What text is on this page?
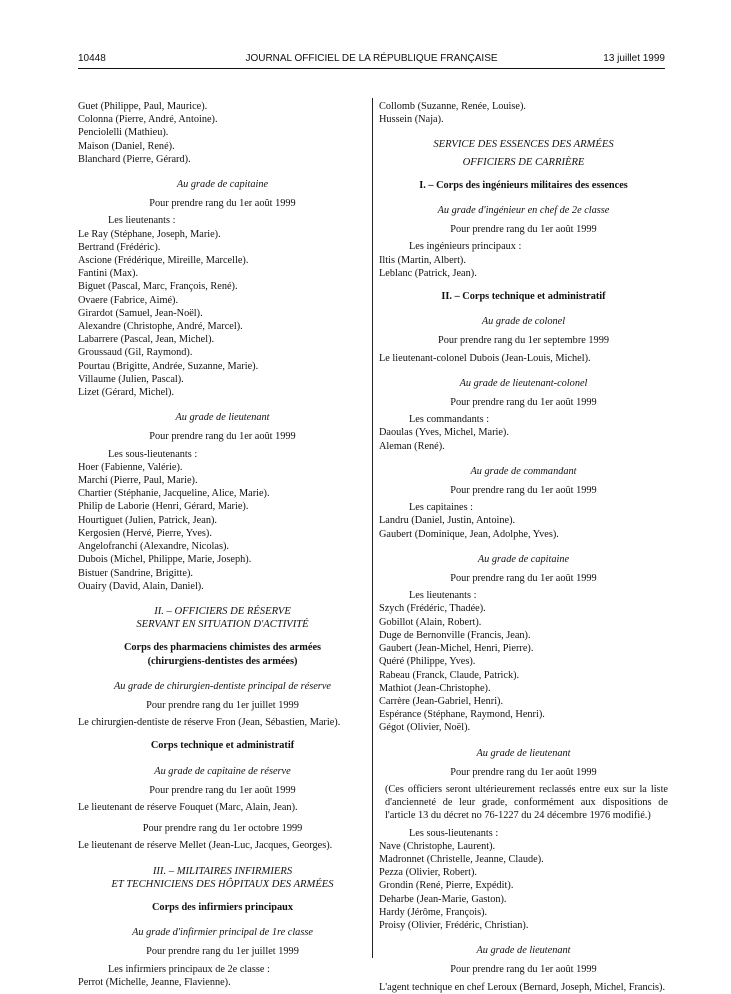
10448	JOURNAL OFFICIEL DE LA RÉPUBLIQUE FRANÇAISE	13 juillet 1999
Guet (Philippe, Paul, Maurice).
Colonna (Pierre, André, Antoine).
Penciolelli (Mathieu).
Maison (Daniel, René).
Blanchard (Pierre, Gérard).
Au grade de capitaine
Pour prendre rang du 1er août 1999
Les lieutenants :
Le Ray (Stéphane, Joseph, Marie).
Bertrand (Frédéric).
Ascione (Frédérique, Mireille, Marcelle).
Fantini (Max).
Biguet (Pascal, Marc, François, René).
Ovaere (Fabrice, Aimé).
Girardot (Samuel, Jean-Noël).
Alexandre (Christophe, André, Marcel).
Labarrere (Pascal, Jean, Michel).
Groussaud (Gil, Raymond).
Pourtau (Brigitte, Andrée, Suzanne, Marie).
Villaume (Julien, Pascal).
Lizet (Gérard, Michel).
Au grade de lieutenant
Pour prendre rang du 1er août 1999
Les sous-lieutenants :
Hoer (Fabienne, Valérie).
Marchi (Pierre, Paul, Marie).
Chartier (Stéphanie, Jacqueline, Alice, Marie).
Philip de Laborie (Henri, Gérard, Marie).
Hourtiguet (Julien, Patrick, Jean).
Kergosien (Hervé, Pierre, Yves).
Angelofranchi (Alexandre, Nicolas).
Dubois (Michel, Philippe, Marie, Joseph).
Bistuer (Sandrine, Brigitte).
Ouairy (David, Alain, Daniel).
II. – OFFICIERS DE RÉSERVE
SERVANT EN SITUATION D'ACTIVITÉ
Corps des pharmaciens chimistes des armées
(chirurgiens-dentistes des armées)
Au grade de chirurgien-dentiste principal de réserve
Pour prendre rang du 1er juillet 1999
Le chirurgien-dentiste de réserve Fron (Jean, Sébastien, Marie).
Corps technique et administratif
Au grade de capitaine de réserve
Pour prendre rang du 1er août 1999
Le lieutenant de réserve Fouquet (Marc, Alain, Jean).
Pour prendre rang du 1er octobre 1999
Le lieutenant de réserve Mellet (Jean-Luc, Jacques, Georges).
III. – MILITAIRES INFIRMIERS
ET TECHNICIENS DES HÔPITAUX DES ARMÉES
Corps des infirmiers principaux
Au grade d'infirmier principal de 1re classe
Pour prendre rang du 1er juillet 1999
Les infirmiers principaux de 2e classe :
Perrot (Michelle, Jeanne, Flavienne).
Collomb (Suzanne, Renée, Louise).
Hussein (Naja).
SERVICE DES ESSENCES DES ARMÉES
OFFICIERS DE CARRIÈRE
I. – Corps des ingénieurs militaires des essences
Au grade d'ingénieur en chef de 2e classe
Pour prendre rang du 1er août 1999
Les ingénieurs principaux :
Iltis (Martin, Albert).
Leblanc (Patrick, Jean).
II. – Corps technique et administratif
Au grade de colonel
Pour prendre rang du 1er septembre 1999
Le lieutenant-colonel Dubois (Jean-Louis, Michel).
Au grade de lieutenant-colonel
Pour prendre rang du 1er août 1999
Les commandants :
Daoulas (Yves, Michel, Marie).
Aleman (René).
Au grade de commandant
Pour prendre rang du 1er août 1999
Les capitaines :
Landru (Daniel, Justin, Antoine).
Gaubert (Dominique, Jean, Adolphe, Yves).
Au grade de capitaine
Pour prendre rang du 1er août 1999
Les lieutenants :
Szych (Frédéric, Thadée).
Gobillot (Alain, Robert).
Duge de Bernonville (Francis, Jean).
Gaubert (Jean-Michel, Henri, Pierre).
Quéré (Philippe, Yves).
Rabeau (Franck, Claude, Patrick).
Mathiot (Jean-Christophe).
Carrère (Jean-Gabriel, Henri).
Espérance (Stéphane, Raymond, Henri).
Gégot (Olivier, Noël).
Au grade de lieutenant
Pour prendre rang du 1er août 1999
(Ces officiers seront ultérieurement reclassés entre eux sur la liste d'ancienneté de leur grade, conformément aux dispositions de l'article 13 du décret no 76-1227 du 24 décembre 1976 modifié.)
Les sous-lieutenants :
Nave (Christophe, Laurent).
Madronnet (Christelle, Jeanne, Claude).
Pezza (Olivier, Robert).
Grondin (René, Pierre, Expédit).
Deharbe (Jean-Marie, Gaston).
Hardy (Jérôme, François).
Proisy (Olivier, Frédéric, Christian).
Au grade de lieutenant
Pour prendre rang du 1er août 1999
L'agent technique en chef Leroux (Bernard, Joseph, Michel, Francis).
